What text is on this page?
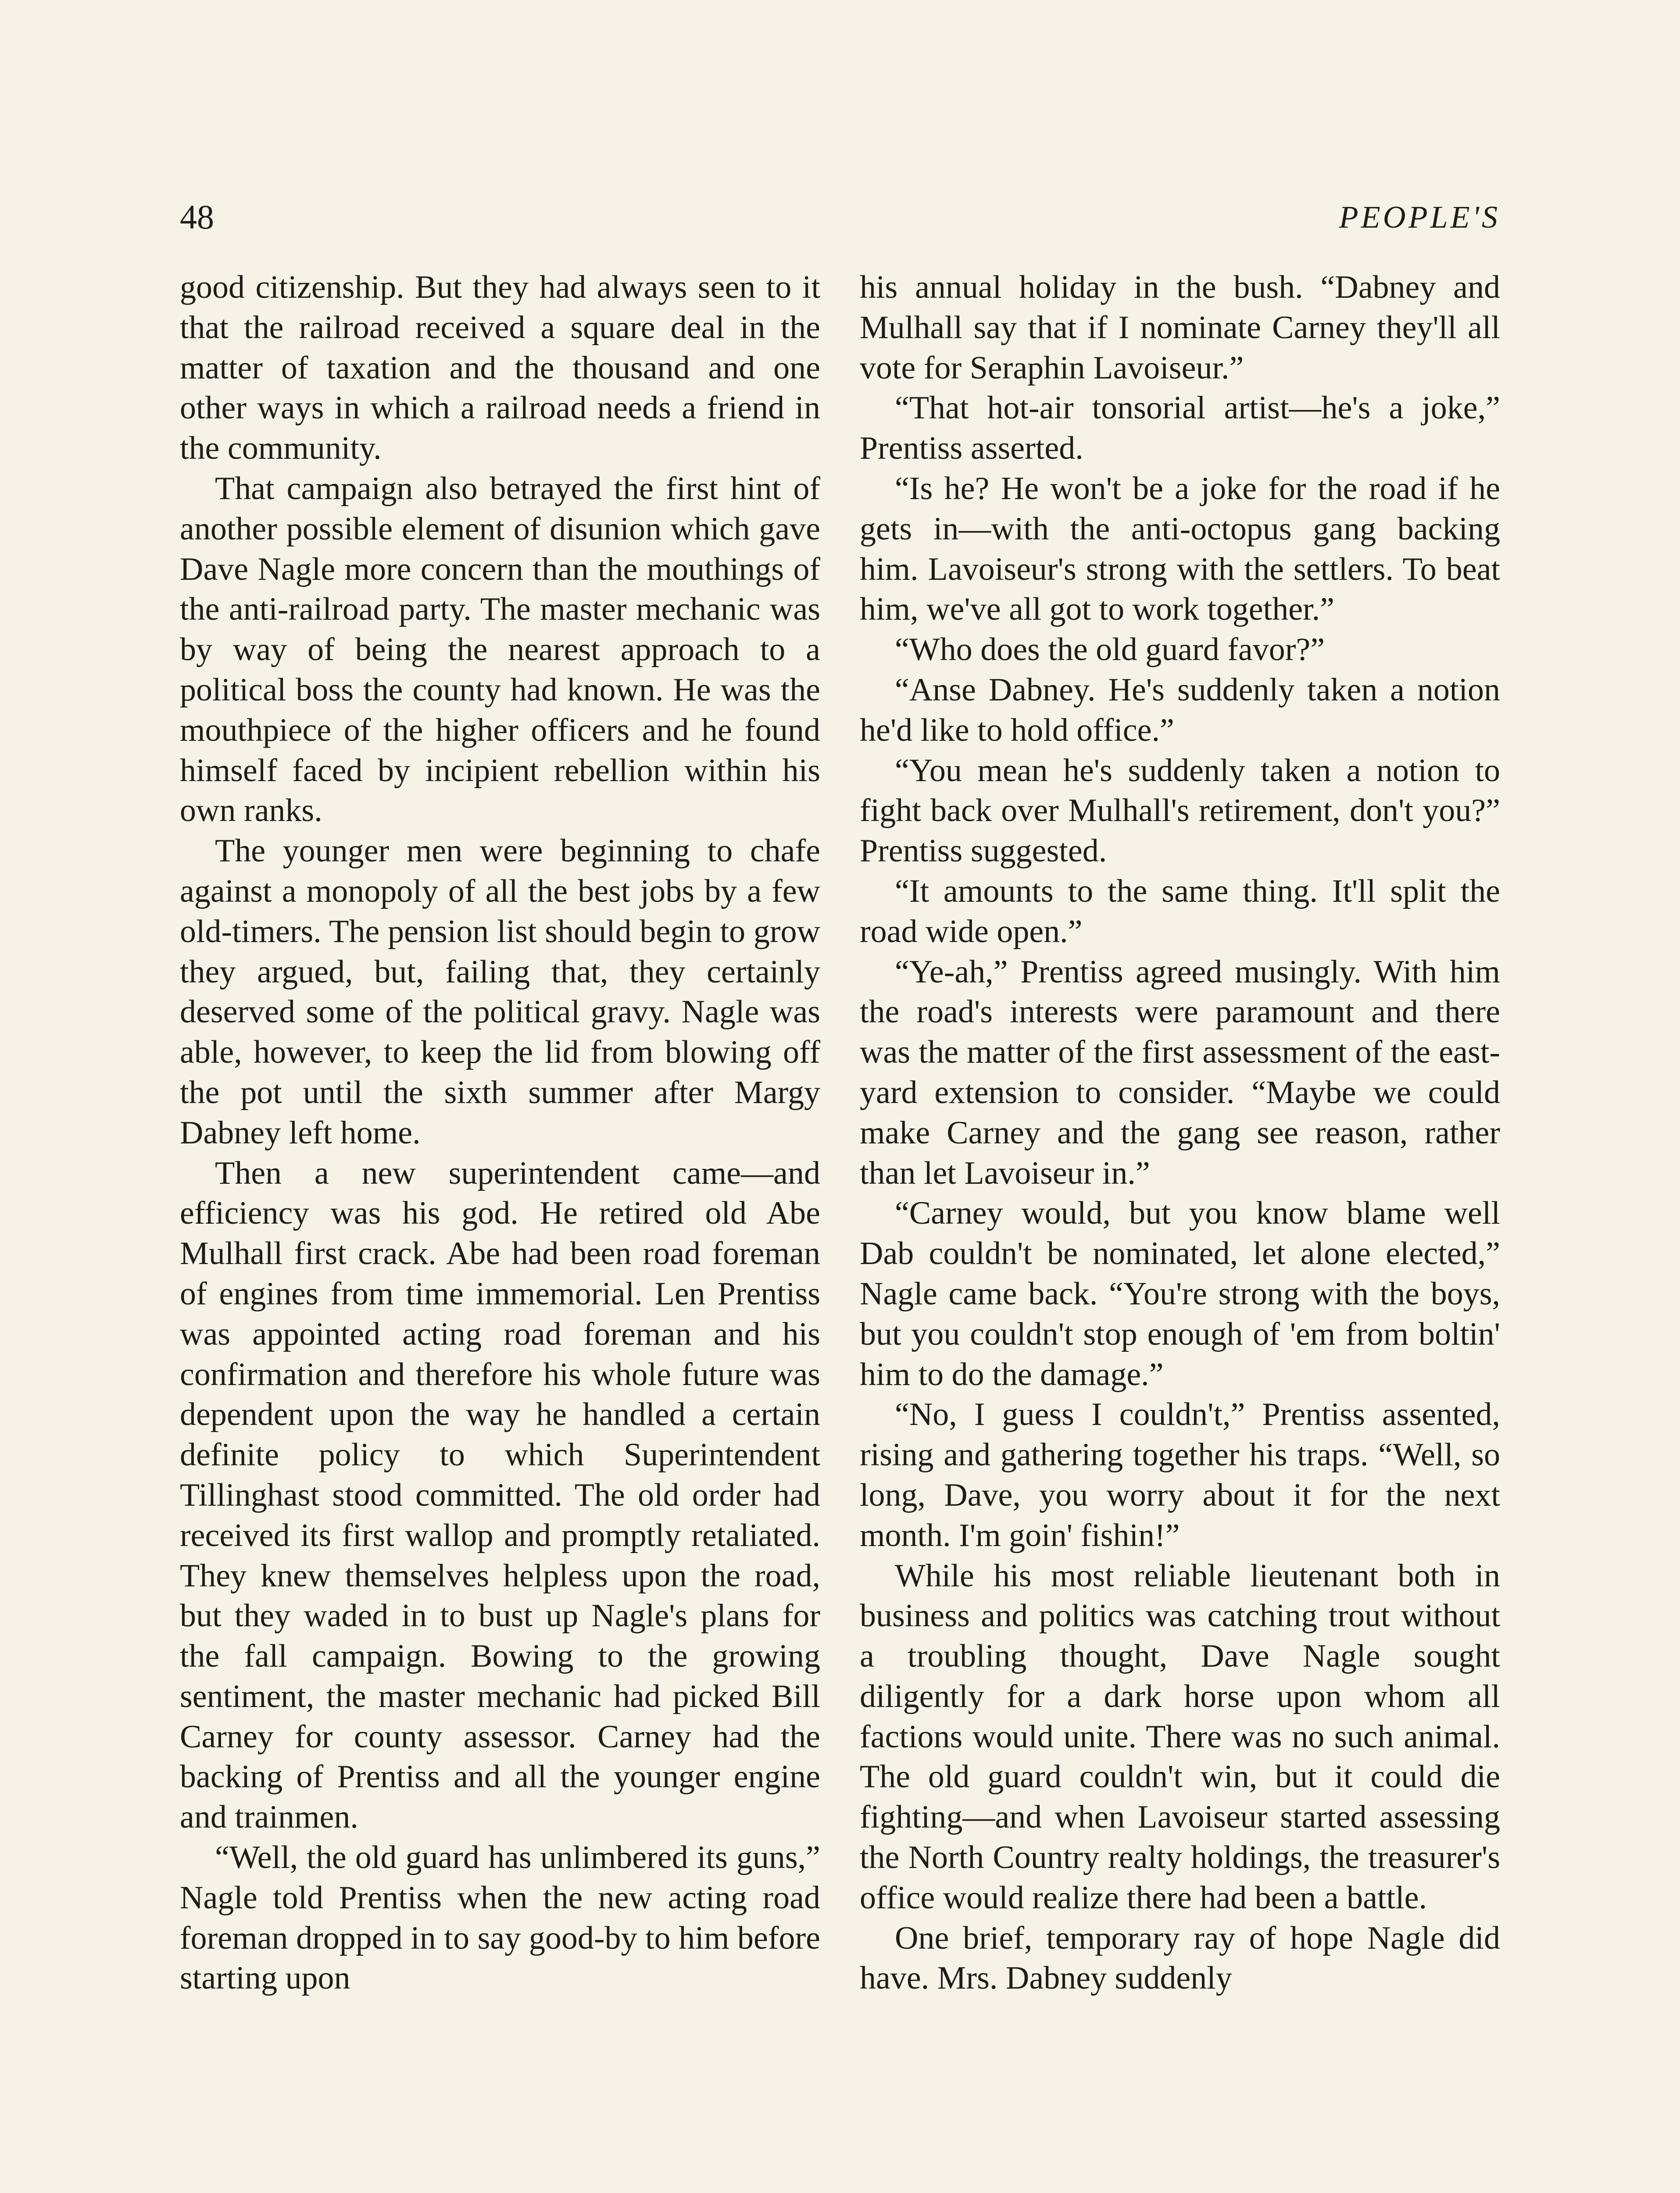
48	PEOPLE'S

good citizenship. But they had always seen to it that the railroad received a square deal in the matter of taxation and the thousand and one other ways in which a railroad needs a friend in the community.

That campaign also betrayed the first hint of another possible element of disunion which gave Dave Nagle more concern than the mouthings of the anti-railroad party. The master mechanic was by way of being the nearest approach to a political boss the county had known. He was the mouthpiece of the higher officers and he found himself faced by incipient rebellion within his own ranks.

The younger men were beginning to chafe against a monopoly of all the best jobs by a few old-timers. The pension list should begin to grow they argued, but, failing that, they certainly deserved some of the political gravy. Nagle was able, however, to keep the lid from blowing off the pot until the sixth summer after Margy Dabney left home.

Then a new superintendent came—and efficiency was his god. He retired old Abe Mulhall first crack. Abe had been road foreman of engines from time immemorial. Len Prentiss was appointed acting road foreman and his confirmation and therefore his whole future was dependent upon the way he handled a certain definite policy to which Superintendent Tillinghast stood committed. The old order had received its first wallop and promptly retaliated. They knew themselves helpless upon the road, but they waded in to bust up Nagle's plans for the fall campaign. Bowing to the growing sentiment, the master mechanic had picked Bill Carney for county assessor. Carney had the backing of Prentiss and all the younger engine and trainmen.

“Well, the old guard has unlimbered its guns,” Nagle told Prentiss when the new acting road foreman dropped in to say good-by to him before starting upon

his annual holiday in the bush. “Dabney and Mulhall say that if I nominate Carney they'll all vote for Seraphin Lavoiseur.”

“That hot-air tonsorial artist—he's a joke,” Prentiss asserted.

“Is he? He won't be a joke for the road if he gets in—with the anti-octopus gang backing him. Lavoiseur's strong with the settlers. To beat him, we've all got to work together.”

“Who does the old guard favor?”

“Anse Dabney. He's suddenly taken a notion he'd like to hold office.”

“You mean he's suddenly taken a notion to fight back over Mulhall's retirement, don't you?” Prentiss suggested.

“It amounts to the same thing. It'll split the road wide open.”

“Ye-ah,” Prentiss agreed musingly. With him the road's interests were paramount and there was the matter of the first assessment of the east-yard extension to consider. “Maybe we could make Carney and the gang see reason, rather than let Lavoiseur in.”

“Carney would, but you know blame well Dab couldn't be nominated, let alone elected,” Nagle came back. “You're strong with the boys, but you couldn't stop enough of 'em from boltin' him to do the damage.”

“No, I guess I couldn't,” Prentiss assented, rising and gathering together his traps. “Well, so long, Dave, you worry about it for the next month. I'm goin' fishin!”

While his most reliable lieutenant both in business and politics was catching trout without a troubling thought, Dave Nagle sought diligently for a dark horse upon whom all factions would unite. There was no such animal. The old guard couldn't win, but it could die fighting—and when Lavoiseur started assessing the North Country realty holdings, the treasurer's office would realize there had been a battle.

One brief, temporary ray of hope Nagle did have. Mrs. Dabney suddenly
